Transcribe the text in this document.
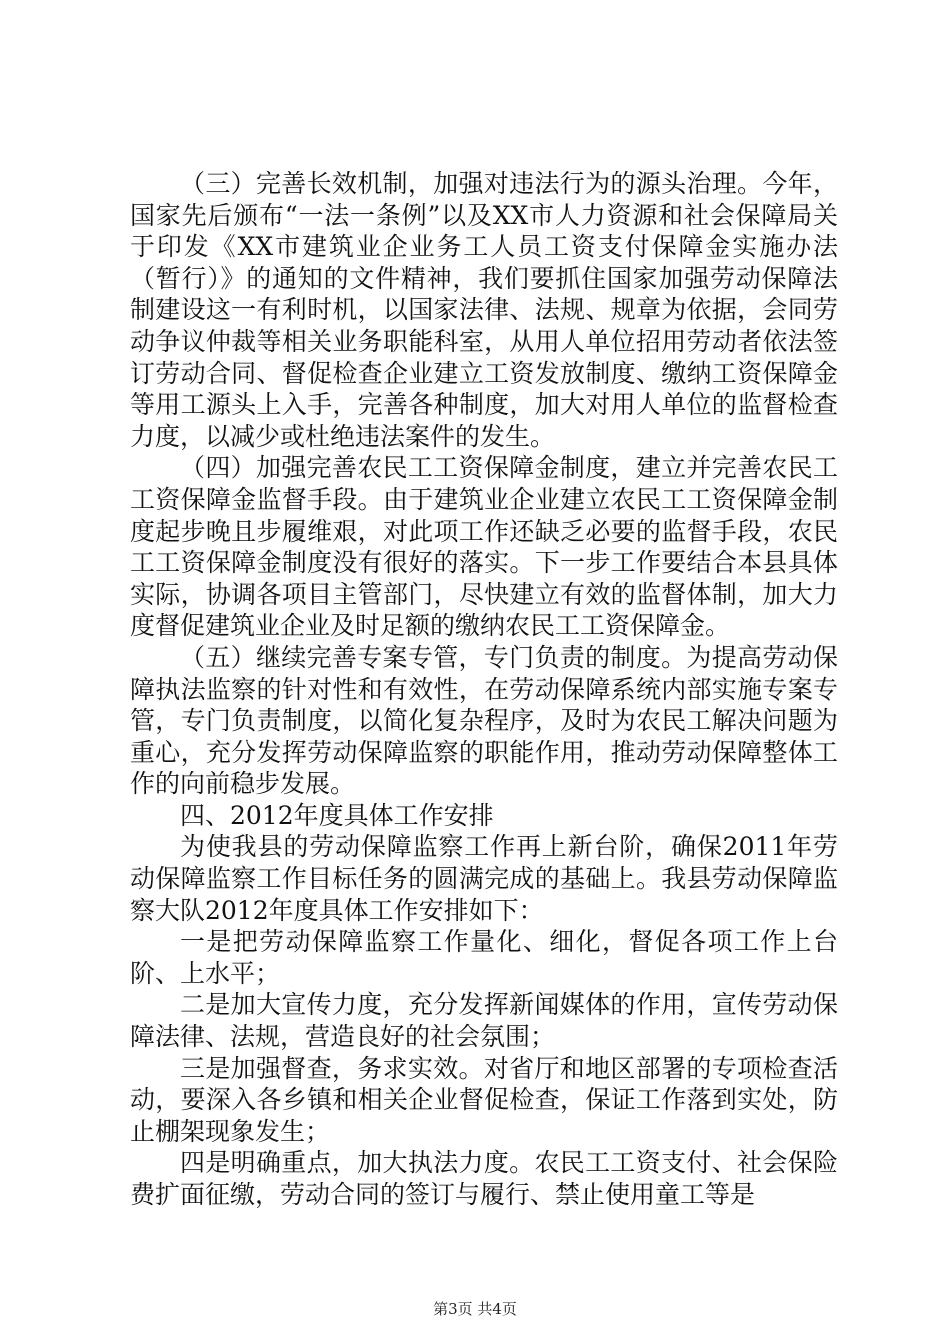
（三）完善长效机制，加强对违法行为的源头治理。今年，国家先后颁布“一法一条例”以及XX市人力资源和社会保障局关于印发《XX市建筑业企业务工人员工资支付保障金实施办法（暂行）》的通知的文件精神，我们要抓住国家加强劳动保障法制建设这一有利时机，以国家法律、法规、规章为依据，会同劳动争议仲裁等相关业务职能科室，从用人单位招用劳动者依法签订劳动合同、督促检查企业建立工资发放制度、缴纳工资保障金等用工源头上入手，完善各种制度，加大对用人单位的监督检查力度，以减少或杜绝违法案件的发生。

（四）加强完善农民工工资保障金制度，建立并完善农民工工资保障金监督手段。由于建筑业企业建立农民工工资保障金制度起步晚且步履维艰，对此项工作还缺乏必要的监督手段，农民工工资保障金制度没有很好的落实。下一步工作要结合本县具体实际，协调各项目主管部门，尽快建立有效的监督体制，加大力度督促建筑业企业及时足额的缴纳农民工工资保障金。

（五）继续完善专案专管，专门负责的制度。为提高劳动保障执法监察的针对性和有效性，在劳动保障系统内部实施专案专管，专门负责制度，以简化复杂程序，及时为农民工解决问题为重心，充分发挥劳动保障监察的职能作用，推动劳动保障整体工作的向前稳步发展。

四、2012年度具体工作安排

为使我县的劳动保障监察工作再上新台阶，确保2011年劳动保障监察工作目标任务的圆满完成的基础上。我县劳动保障监察大队2012年度具体工作安排如下：

一是把劳动保障监察工作量化、细化，督促各项工作上台阶、上水平；

二是加大宣传力度，充分发挥新闻媒体的作用，宣传劳动保障法律、法规，营造良好的社会氛围；

三是加强督查，务求实效。对省厅和地区部署的专项检查活动，要深入各乡镇和相关企业督促检查，保证工作落到实处，防止棚架现象发生；

四是明确重点，加大执法力度。农民工工资支付、社会保险费扩面征缴，劳动合同的签订与履行、禁止使用童工等是

第3页 共4页
